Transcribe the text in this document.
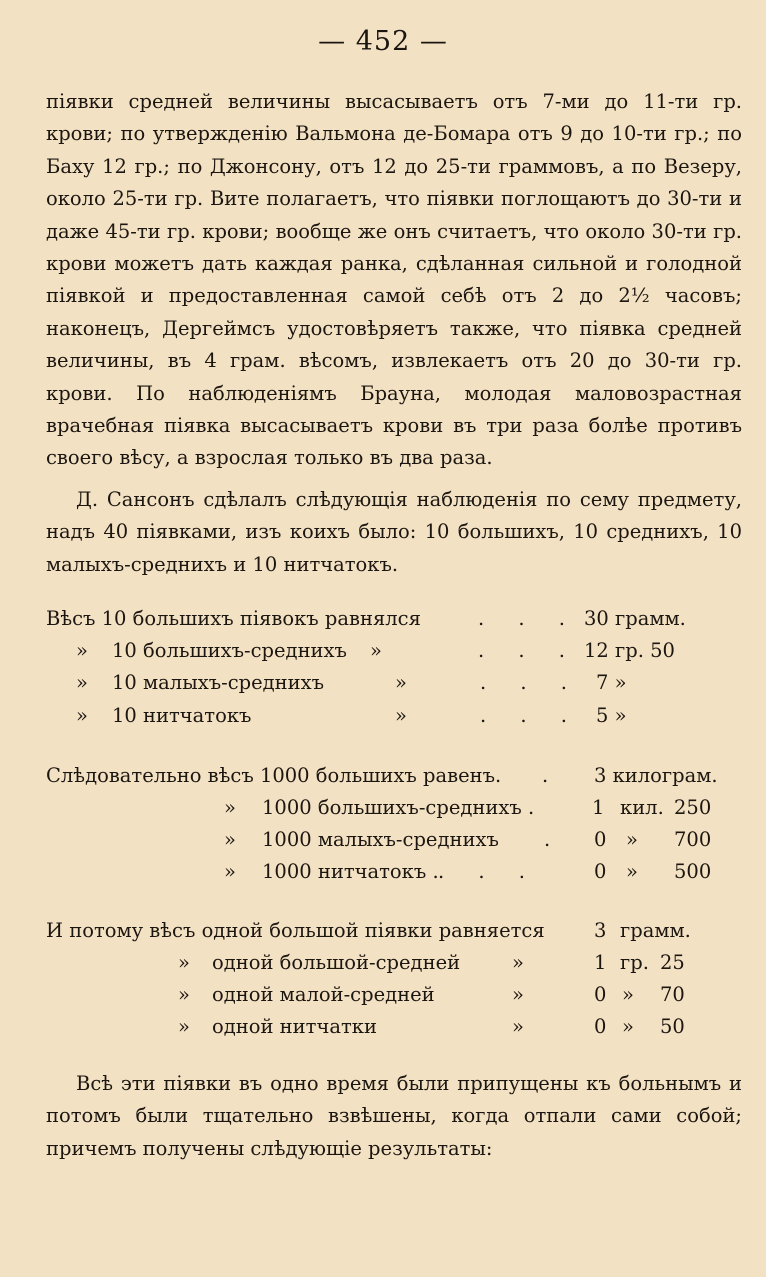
— 452 —

піявки средней величины высасываетъ отъ 7-ми до 11-ти гр. крови; по утвержденію Вальмона де-Бомара отъ 9 до 10-ти гр.; по Баху 12 гр.; по Джонсону, отъ 12 до 25-ти граммовъ, а по Везеру, около 25-ти гр. Вите полагаетъ, что піявки поглощаютъ до 30-ти и даже 45-ти гр. крови; вообще же онъ считаетъ, что около 30-ти гр. крови можетъ дать каждая ранка, сдѣланная сильной и голодной піявкой и предоставленная самой себѣ отъ 2 до 2½ часовъ; наконецъ, Дергеймсъ удостовѣряетъ также, что піявка средней величины, въ 4 грам. вѣсомъ, извлекаетъ отъ 20 до 30-ти гр. крови. По наблюденіямъ Брауна, молодая маловозрастная врачебная піявка высасываетъ крови въ три раза болѣе противъ своего вѣсу, а взрослая только въ два раза.

Д. Сансонъ сдѣлалъ слѣдующія наблюденія по сему предмету, надъ 40 піявками, изъ коихъ было: 10 большихъ, 10 среднихъ, 10 малыхъ-среднихъ и 10 нитчатокъ.

Вѣсъ 10 большихъ піявокъ равнялся	. . . 30 грамм.
» 10 большихъ-среднихъ »	. . . 12 гр. 50
» 10 малыхъ-среднихъ	»	. . . 7 »
» 10 нитчатокъ	»	. . . 5 »
Слѣдовательно вѣсъ 1000 большихъ равенъ. . 3 килограм.
» 1000 большихъ-среднихъ .	1 кил. 250
» 1000 малыхъ-среднихъ . 0 » 700
» 1000 нитчатокъ . . . .	0 » 500
И потому вѣсъ одной большой піявки равняется	3 грамм.
» одной большой-средней	»	1 гр. 25
» одной малой-средней	»	0 » 70
» одной нитчатки	»	0 » 50

Всѣ эти піявки въ одно время были припущены къ больнымъ и потомъ были тщательно взвѣшены, когда отпали сами собой; причемъ получены слѣдующіе результаты:
